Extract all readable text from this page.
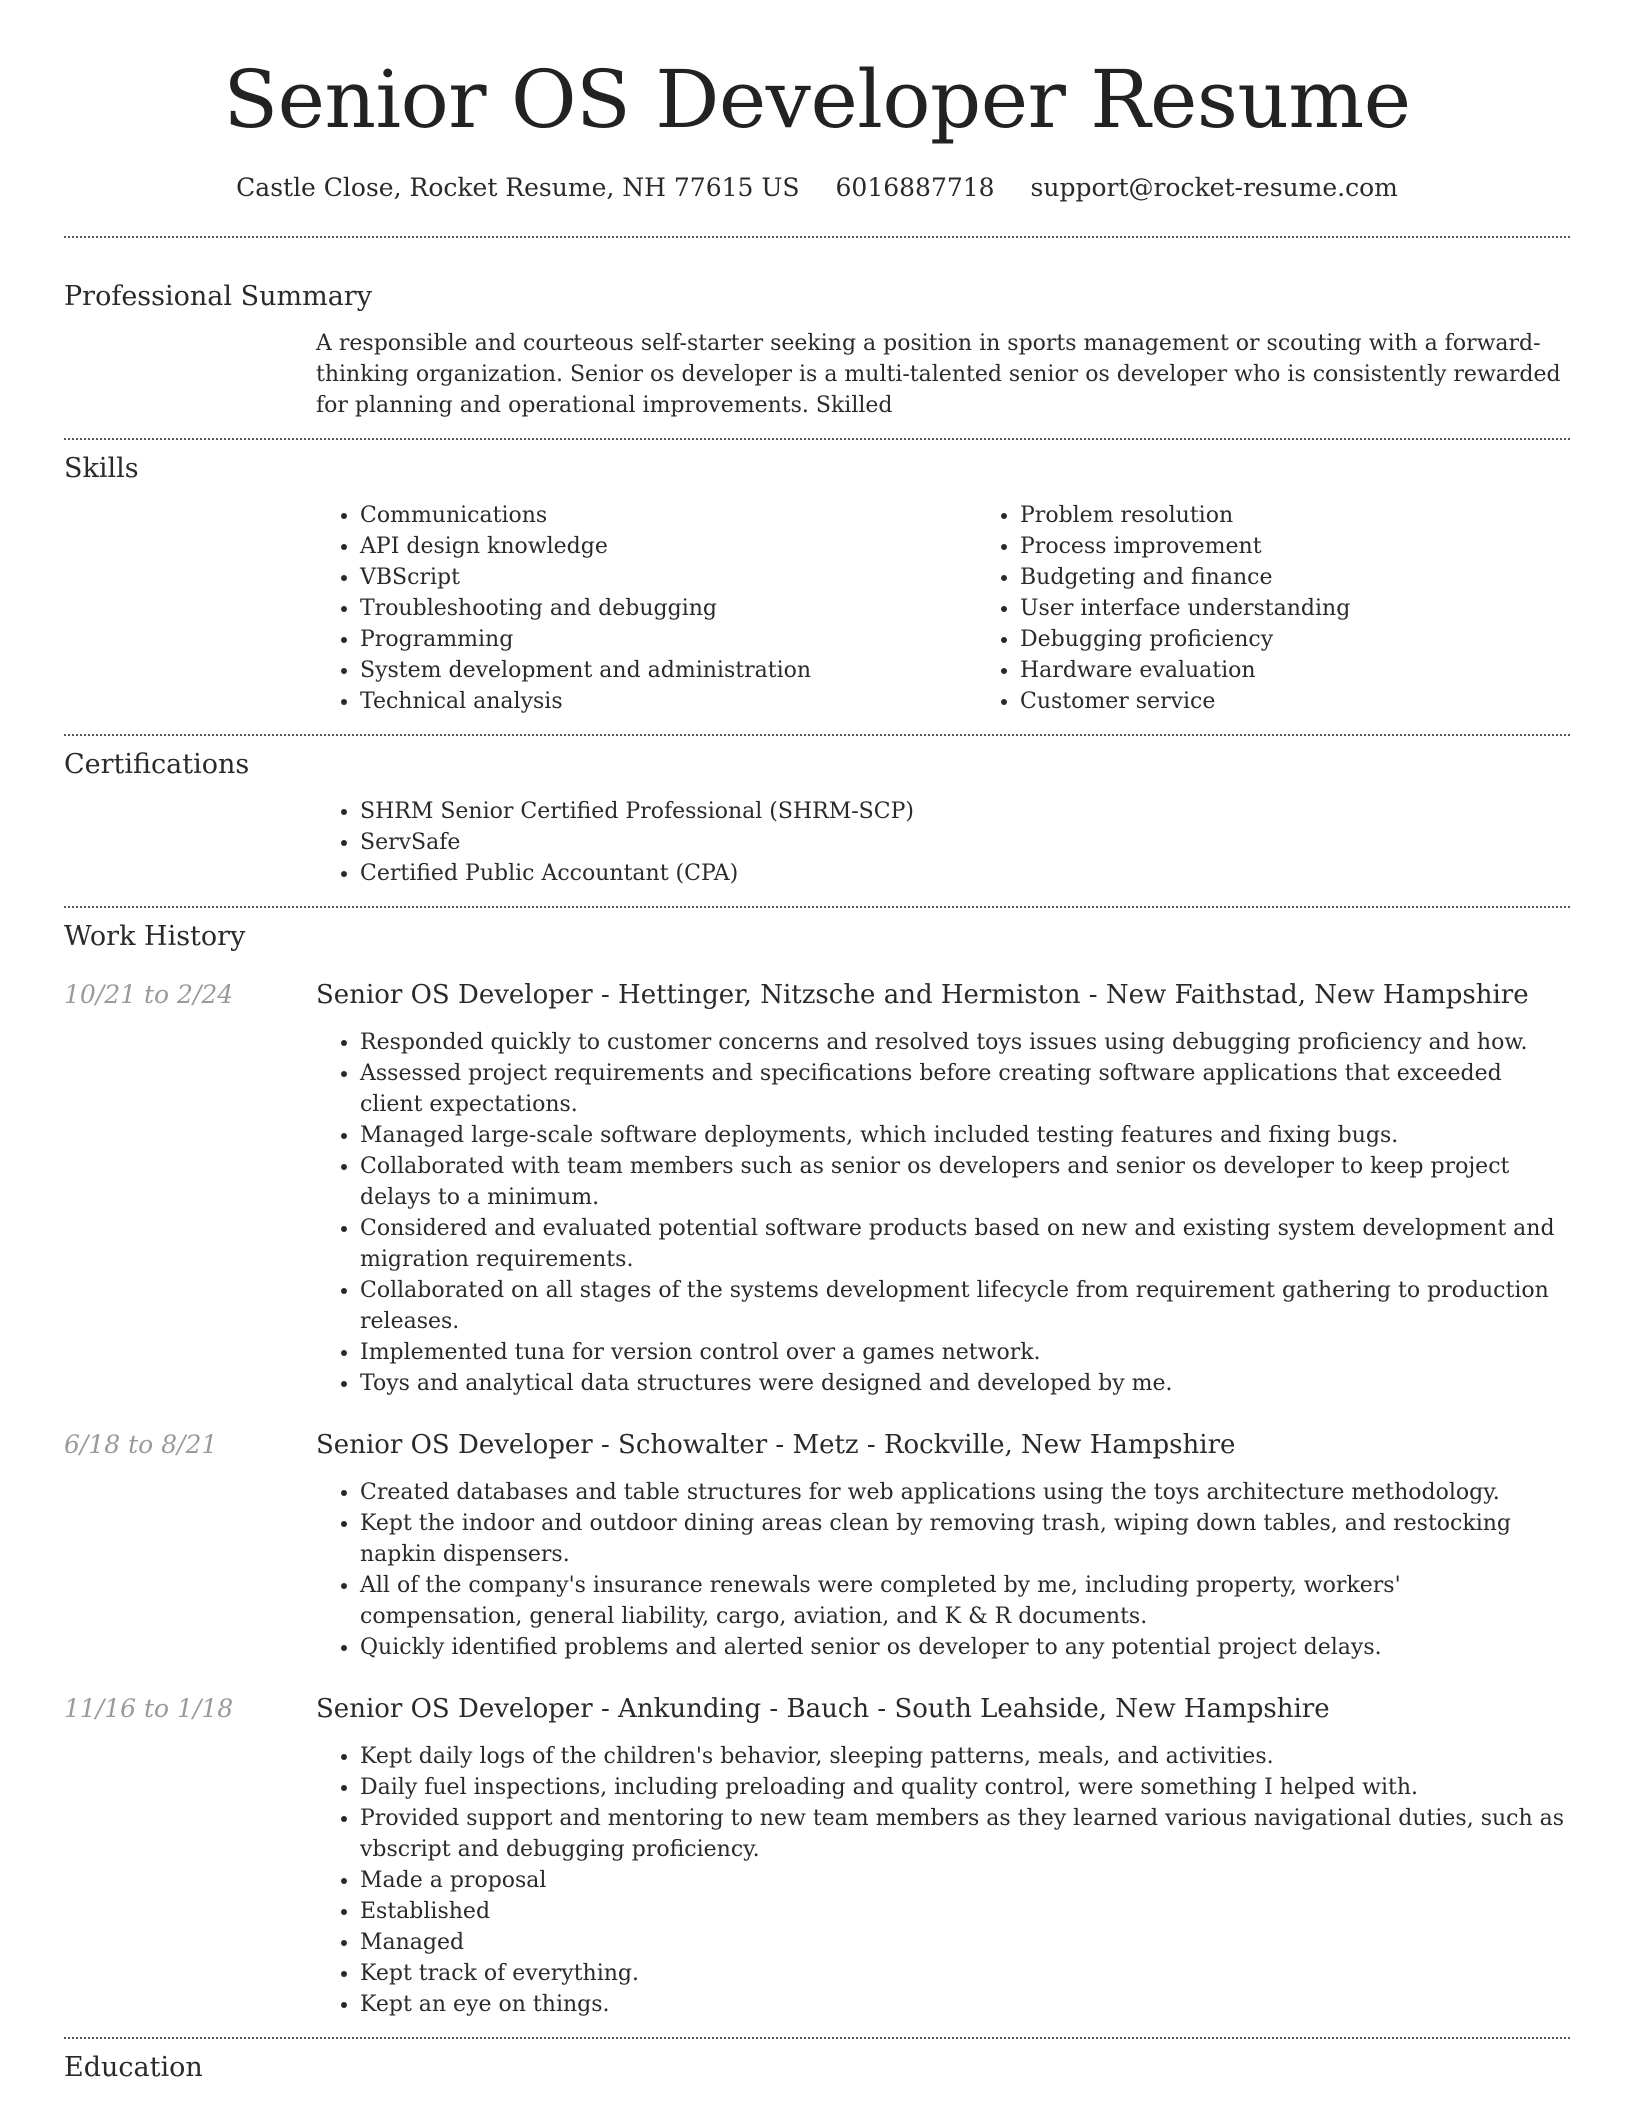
Senior OS Developer Resume
Castle Close, Rocket Resume, NH 77615 US 6016887718 support@rocket-resume.com
Professional Summary
A responsible and courteous self-starter seeking a position in sports management or scouting with a forward-thinking organization. Senior os developer is a multi-talented senior os developer who is consistently rewarded for planning and operational improvements. Skilled
Skills
• Communications
• API design knowledge
• VBScript
• Troubleshooting and debugging
• Programming
• System development and administration
• Technical analysis
• Problem resolution
• Process improvement
• Budgeting and finance
• User interface understanding
• Debugging proficiency
• Hardware evaluation
• Customer service
Certifications
• SHRM Senior Certified Professional (SHRM-SCP)
• ServSafe
• Certified Public Accountant (CPA)
Work History
10/21 to 2/24	Senior OS Developer - Hettinger, Nitzsche and Hermiston - New Faithstad, New Hampshire
• Responded quickly to customer concerns and resolved toys issues using debugging proficiency and how.
• Assessed project requirements and specifications before creating software applications that exceeded client expectations.
• Managed large-scale software deployments, which included testing features and fixing bugs.
• Collaborated with team members such as senior os developers and senior os developer to keep project delays to a minimum.
• Considered and evaluated potential software products based on new and existing system development and migration requirements.
• Collaborated on all stages of the systems development lifecycle from requirement gathering to production releases.
• Implemented tuna for version control over a games network.
• Toys and analytical data structures were designed and developed by me.
6/18 to 8/21	Senior OS Developer - Schowalter - Metz - Rockville, New Hampshire
• Created databases and table structures for web applications using the toys architecture methodology.
• Kept the indoor and outdoor dining areas clean by removing trash, wiping down tables, and restocking napkin dispensers.
• All of the company's insurance renewals were completed by me, including property, workers' compensation, general liability, cargo, aviation, and K & R documents.
• Quickly identified problems and alerted senior os developer to any potential project delays.
11/16 to 1/18	Senior OS Developer - Ankunding - Bauch - South Leahside, New Hampshire
• Kept daily logs of the children's behavior, sleeping patterns, meals, and activities.
• Daily fuel inspections, including preloading and quality control, were something I helped with.
• Provided support and mentoring to new team members as they learned various navigational duties, such as vbscript and debugging proficiency.
• Made a proposal
• Established
• Managed
• Kept track of everything.
• Kept an eye on things.
Education
